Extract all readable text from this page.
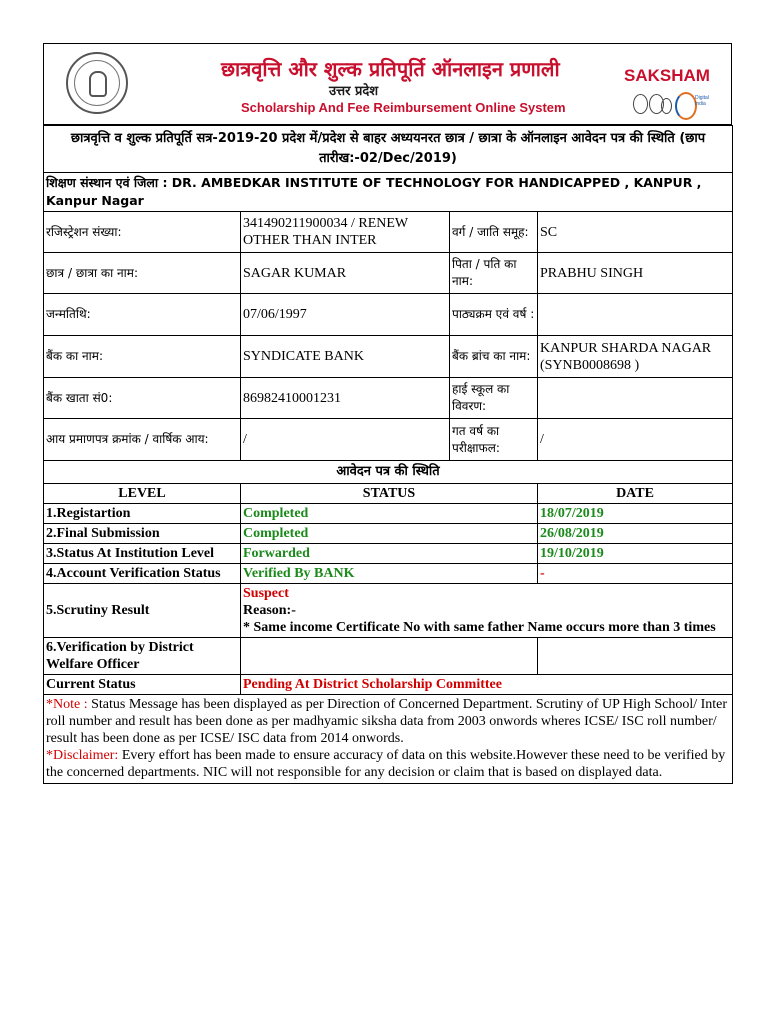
छात्रवृत्ति और शुल्क प्रतिपूर्ति ऑनलाइन प्रणाली
उत्तर प्रदेश
Scholarship And Fee Reimbursement Online System
SAKSHAM
Digital India
छात्रवृत्ति व शुल्क प्रतिपूर्ति सत्र-2019-20 प्रदेश में/प्रदेश से बाहर अध्ययनरत छात्र / छात्रा के ऑनलाइन आवेदन पत्र की स्थिति (छाप तारीख:-02/Dec/2019)			
शिक्षण संस्थान एवं जिला : DR. AMBEDKAR INSTITUTE OF TECHNOLOGY FOR HANDICAPPED , KANPUR , Kanpur Nagar			
रजिस्ट्रेशन संख्या:	341490211900034 / RENEW OTHER THAN INTER	वर्ग / जाति समूह:	SC
छात्र / छात्रा का नाम:	SAGAR KUMAR	पिता / पति का नाम:	PRABHU SINGH
जन्मतिथि:	07/06/1997	पाठ्यक्रम एवं वर्ष :	
बैंक का नाम:	SYNDICATE BANK	बैंक ब्रांच का नाम:	KANPUR SHARDA NAGAR (SYNB0008698 )
बैंक खाता सं0:	86982410001231	हाई स्कूल का विवरण:	
आय प्रमाणपत्र क्रमांक / वार्षिक आय:	/	गत वर्ष का परीक्षाफल:	/
आवेदन पत्र की स्थिति			
LEVEL	STATUS		DATE
1.Registartion	Completed		18/07/2019
2.Final Submission	Completed		26/08/2019
3.Status At Institution Level	Forwarded		19/10/2019
4.Account Verification Status	Verified By BANK		-
5.Scrutiny Result	Suspect
Reason:-
* Same income Certificate No with same father Name occurs more than 3 times		

6.Verification by District Welfare Officer			
Current Status	Pending At District Scholarship Committee		
*Note : Status Message has been displayed as per Direction of Concerned Department. Scrutiny of UP High School/ Inter roll number and result has been done as per madhyamic siksha data from 2003 onwords wheres ICSE/ ISC roll number/ result has been done as per ICSE/ ISC data from 2014 onwords.
*Disclaimer: Every effort has been made to ensure accuracy of data on this website.However these need to be verified by the concerned departments. NIC will not responsible for any decision or claim that is based on displayed data.			
